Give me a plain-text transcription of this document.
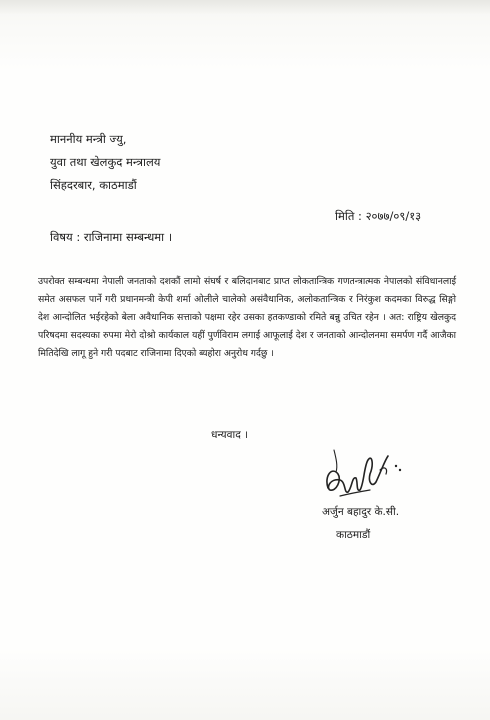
माननीय मन्त्री ज्यु,
युवा तथा खेलकुद मन्त्रालय
सिंहदरबार, काठमाडौं
मिति : २०७७/०९/१३
विषय : राजिनामा सम्बन्धमा ।
उपरोक्त सम्बन्धमा नेपाली जनताको दशकौं लामो संघर्ष र बलिदानबाट प्राप्त लोकतान्त्रिक गणतन्त्रात्मक नेपालको संविधानलाई समेत असफल पार्ने गरी प्रधानमन्त्री केपी शर्मा ओलीले चालेको असंवैधानिक, अलोकतान्त्रिक र निरंकुश कदमका विरुद्ध सिङ्गो देश आन्दोलित भईरहेको बेला अवैधानिक सत्ताको पक्षमा रहेर उसका हतकण्डाको रमिते बन्नु उचित रहेन । अत: राष्ट्रिय खेलकुद परिषदमा सदस्यका रुपमा मेरो दोश्रो कार्यकाल यहीं पुर्णविराम लगाई आफूलाई देश र जनताको आन्दोलनमा समर्पण गर्दै आजैका मितिदेखि लागू हुने गरी पदबाट राजिनामा दिएको ब्यहोरा अनुरोध गर्दछु ।
धन्यवाद ।
अर्जुन बहादुर के.सी.
काठमाडौं
